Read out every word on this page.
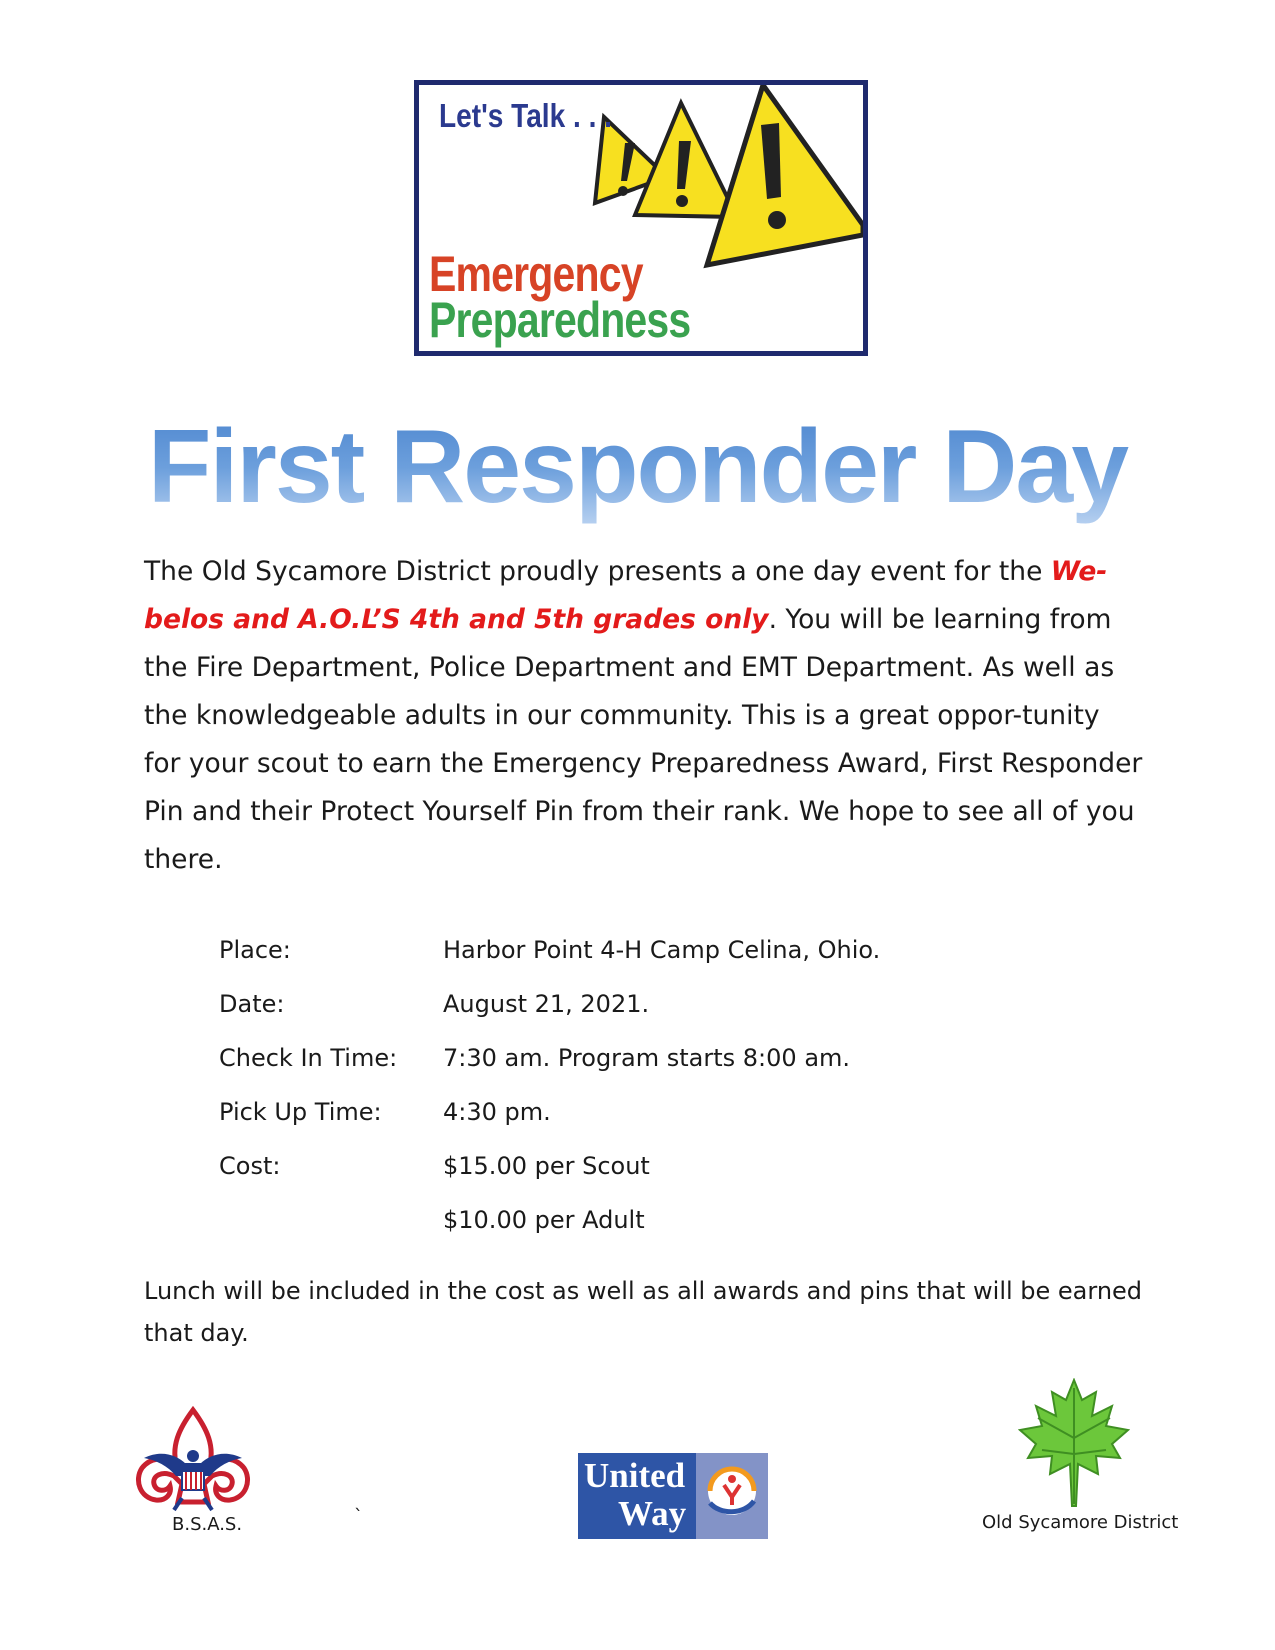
Let's Talk . . .
Emergency
Preparedness
First Responder Day
The Old Sycamore District proudly presents a one day event for the We-belos and A.O.L’S 4th and 5th grades only. You will be learning from the Fire Department, Police Department and EMT Department. As well as the knowledgeable adults in our community. This is a great oppor-tunity for your scout to earn the Emergency Preparedness Award, First Responder Pin and their Protect Yourself Pin from their rank. We hope to see all of you there.
Place:	Harbor Point 4-H Camp Celina, Ohio.
Date:	August 21, 2021.
Check In Time:	7:30 am. Program starts 8:00 am.
Pick Up Time:	4:30 pm.
Cost:	$15.00 per Scout
$10.00 per Adult
Lunch will be included in the cost as well as all awards and pins that will be earned that day.
B.S.A.S.	`
United
Way	Old Sycamore District
